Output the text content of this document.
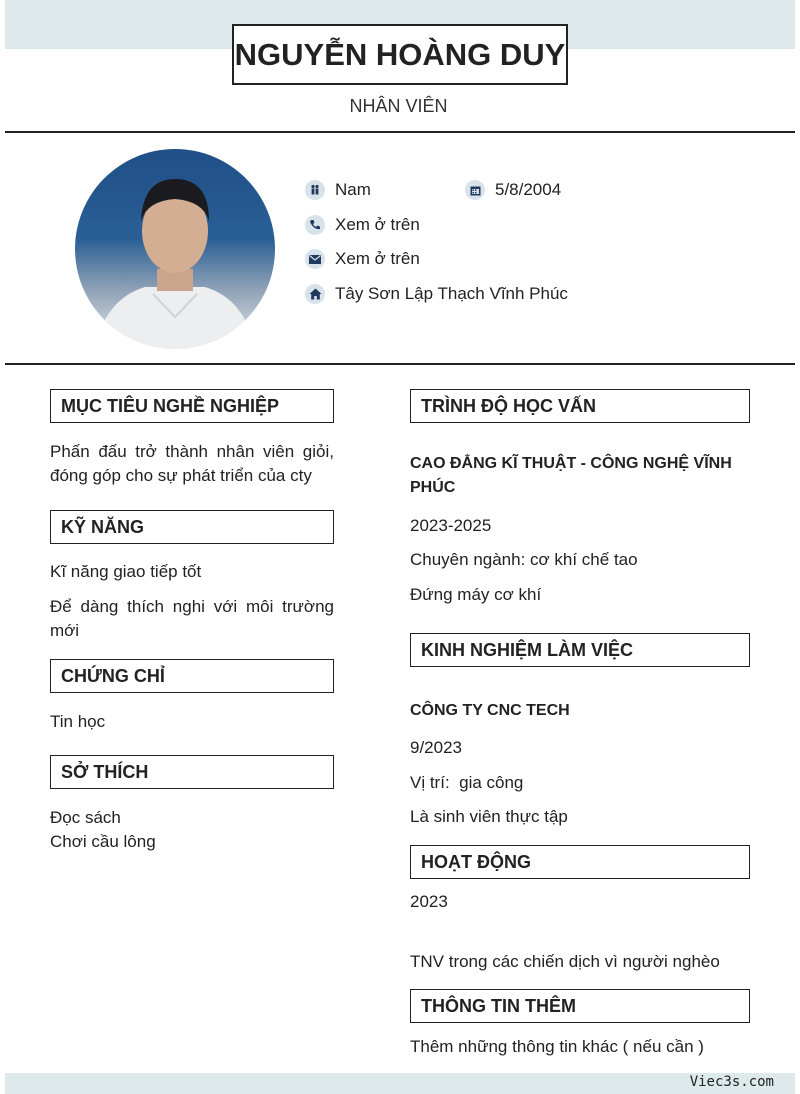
NGUYỄN HOÀNG DUY
NHÂN VIÊN
Nam	5/8/2004
Xem ở trên
Xem ở trên
Tây Sơn Lập Thạch Vĩnh Phúc
MỤC TIÊU NGHỀ NGHIỆP
Phấn đấu trở thành nhân viên giỏi, đóng góp cho sự phát triển của cty
KỸ NĂNG
Kĩ năng giao tiếp tốt
Để dàng thích nghi với môi trường mới
CHỨNG CHỈ
Tin học
SỞ THÍCH
Đọc sách
Chơi cầu lông
TRÌNH ĐỘ HỌC VẤN
CAO ĐẲNG KĨ THUẬT - CÔNG NGHỆ VĨNH PHÚC
2023-2025
Chuyên ngành: cơ khí chế tao
Đứng máy cơ khí
KINH NGHIỆM LÀM VIỆC
CÔNG TY CNC TECH
9/2023
Vị trí:  gia công
Là sinh viên thực tập
HOẠT ĐỘNG
2023
TNV trong các chiến dịch vì người nghèo
THÔNG TIN THÊM
Thêm những thông tin khác ( nếu cần )
Viec3s.com
